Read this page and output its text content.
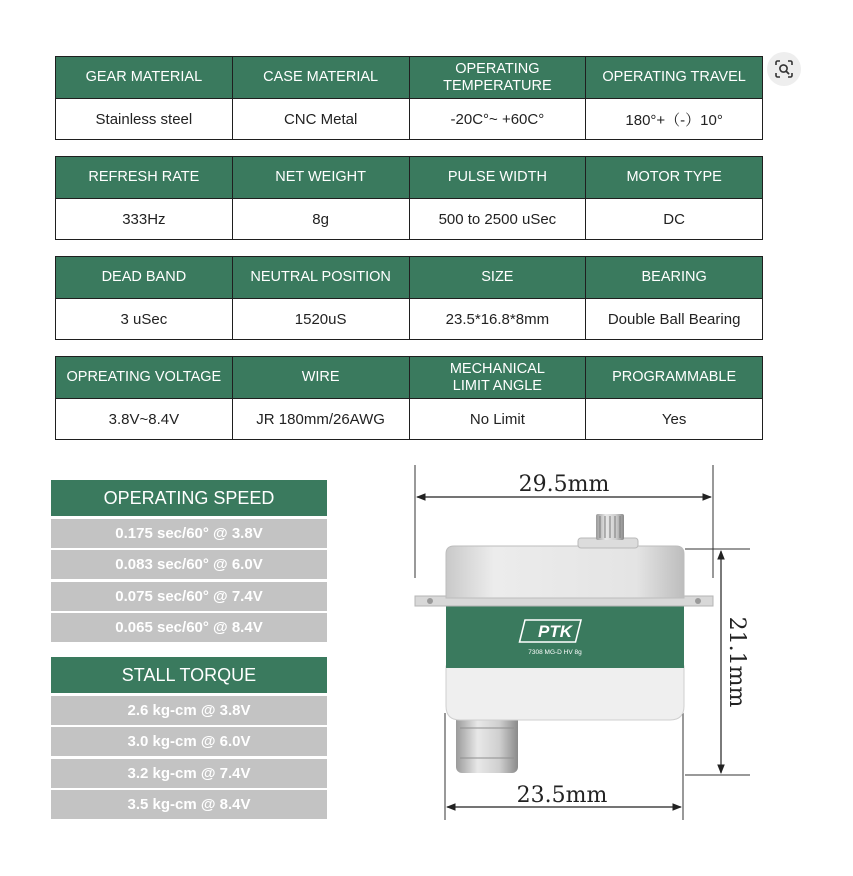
GEAR MATERIAL	CASE MATERIAL	OPERATING TEMPERATURE	OPERATING TRAVEL
Stainless steel	CNC Metal	-20C°~ +60C°	180°+（-）10°
REFRESH RATE	NET WEIGHT	PULSE WIDTH	MOTOR TYPE
333Hz	8g	500 to 2500 uSec	DC
DEAD BAND	NEUTRAL POSITION	SIZE	BEARING
3 uSec	1520uS	23.5*16.8*8mm	Double Ball Bearing
OPREATING VOLTAGE	WIRE	MECHANICAL LIMIT ANGLE	PROGRAMMABLE
3.8V~8.4V	JR 180mm/26AWG	No Limit	Yes
OPERATING SPEED
0.175 sec/60° @ 3.8V
0.083 sec/60° @ 6.0V
0.075 sec/60° @ 7.4V
0.065 sec/60° @ 8.4V
STALL TORQUE
2.6 kg-cm @ 3.8V
3.0 kg-cm @ 6.0V
3.2 kg-cm @ 7.4V
3.5 kg-cm @ 8.4V
29.5mm
23.5mm
21.1mm
PTK
7308 MG-D HV 8g
